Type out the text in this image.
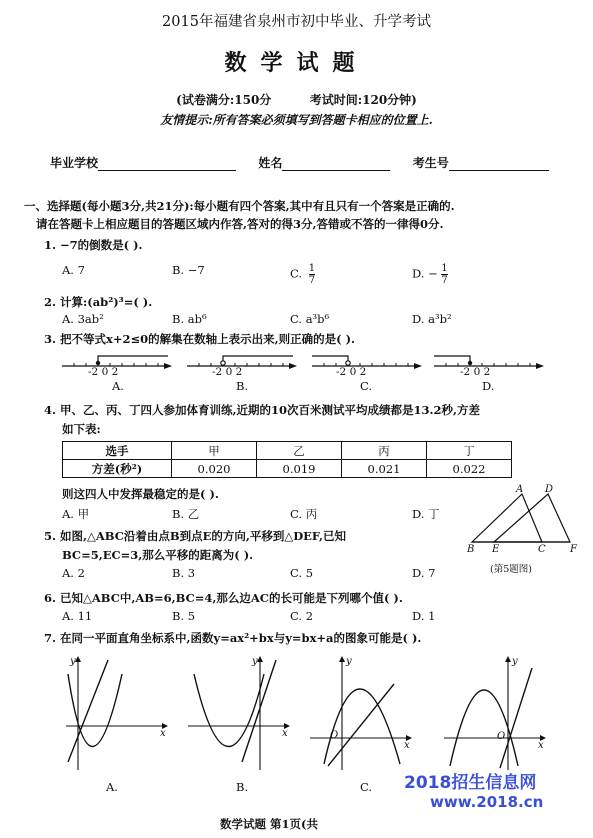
2015年福建省泉州市初中毕业、升学考试
数学试题
(试卷满分:150分	考试时间:120分钟)
友情提示:所有答案必须填写到答题卡相应的位置上.
毕业学校	姓名	考生号
一、选择题(每小题3分,共21分):每小题有四个答案,其中有且只有一个答案是正确的.
请在答题卡上相应题目的答题区域内作答,答对的得3分,答错或不答的一律得0分.
1. −7的倒数是( ).
A. 7	B. −7	C. $\frac{1}{7}$	D. − $\frac{1}{7}$
2. 计算:(ab²)³=( ).
A. 3ab²	B. ab⁶	C. a³b⁶	D. a³b²
3. 把不等式x+2≤0的解集在数轴上表示出来,则正确的是( ).
-2 0 2
A.
-2 0 2
B.
-2 0 2
C.
-2 0 2
D.
4. 甲、乙、丙、丁四人参加体育训练,近期的10次百米测试平均成绩都是13.2秒,方差
如下表:
选手	甲	乙	丙	丁
方差(秒²)	0.020	0.019	0.021	0.022
则这四人中发挥最稳定的是( ).
A. 甲	B. 乙	C. 丙	D. 丁
5. 如图,△ABC沿着由点B到点E的方向,平移到△DEF,已知
BC=5,EC=3,那么平移的距离为( ).
A. 2	B. 3	C. 5	D. 7
A D
B E	C F
(第5题图)
6. 已知△ABC中,AB=6,BC=4,那么边AC的长可能是下列哪个值( ).
A. 11	B. 5	C. 2	D. 1
7. 在同一平面直角坐标系中,函数y=ax²+bx与y=bx+a的图象可能是( ).
y
x
A.
y
x
B.
y
O
x
C.
y
O
x
2018招生信息网
www.2018.cn
数学试题 第1页(共
